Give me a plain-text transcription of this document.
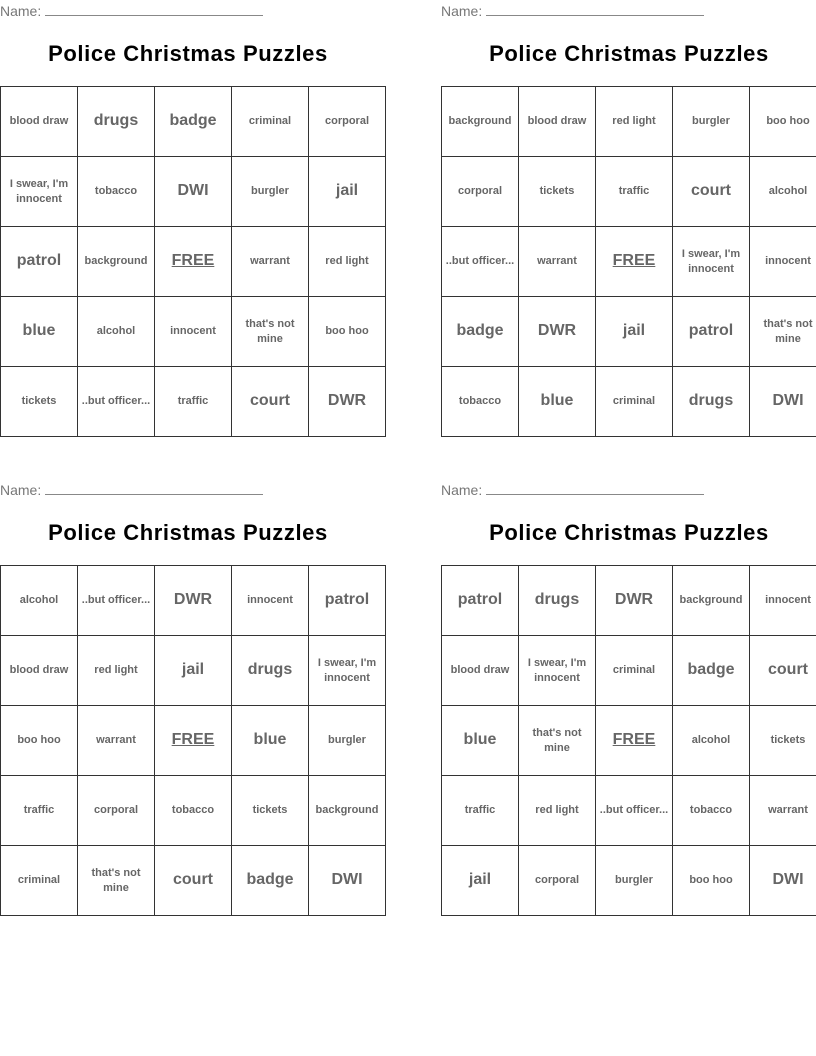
Name:
Police Christmas Puzzles
blood draw	drugs	badge	criminal	corporal
I swear, I'm innocent	tobacco	DWI	burgler	jail
patrol	background	FREE	warrant	red light
blue	alcohol	innocent	that's not mine	boo hoo
tickets	..but officer...	traffic	court	DWR
Name:
Police Christmas Puzzles
background	blood draw	red light	burgler	boo hoo
corporal	tickets	traffic	court	alcohol
..but officer...	warrant	FREE	I swear, I'm innocent	innocent
badge	DWR	jail	patrol	that's not mine
tobacco	blue	criminal	drugs	DWI
Name:
Police Christmas Puzzles
alcohol	..but officer...	DWR	innocent	patrol
blood draw	red light	jail	drugs	I swear, I'm innocent
boo hoo	warrant	FREE	blue	burgler
traffic	corporal	tobacco	tickets	background
criminal	that's not mine	court	badge	DWI
Name:
Police Christmas Puzzles
patrol	drugs	DWR	background	innocent
blood draw	I swear, I'm innocent	criminal	badge	court
blue	that's not mine	FREE	alcohol	tickets
traffic	red light	..but officer...	tobacco	warrant
jail	corporal	burgler	boo hoo	DWI
